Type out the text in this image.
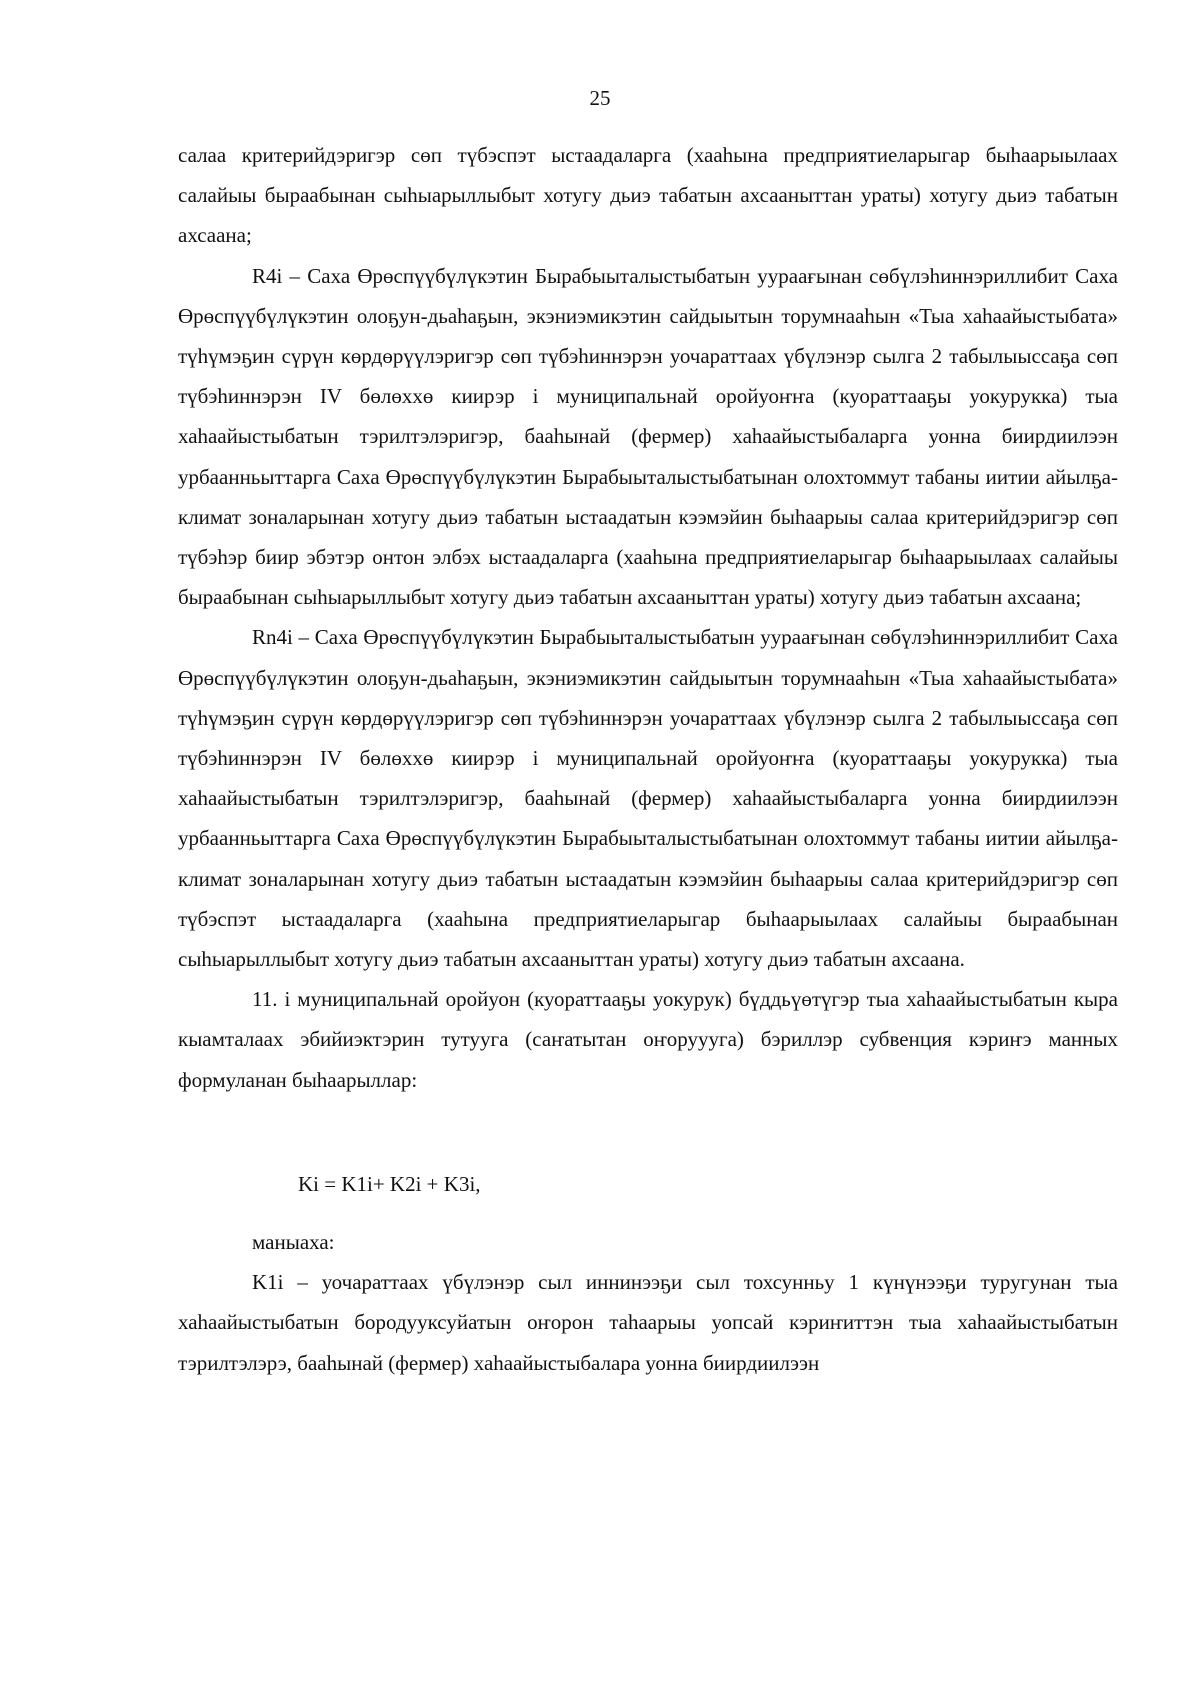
25

салаа критерийдэригэр сөп түбэспэт ыстаадаларга (хааһына предприятиеларыгар быһаарыылаах салайыы быраабынан сыһыарыллыбыт хотугу дьиэ табатын ахсааныттан ураты) хотугу дьиэ табатын ахсаана;

R4i – Саха Өрөспүүбүлүкэтин Бырабыыталыстыбатын уураағынан сөбүлэһиннэриллибит Саха Өрөспүүбүлүкэтин олоҕун-дьаһаҕын, экэниэмикэтин сайдыытын торумнааһын «Тыа хаһаайыстыбата» түһүмэҕин сүрүн көрдөрүүлэригэр сөп түбэһиннэрэн уочараттаах үбүлэнэр сылга 2 табылыыссаҕа сөп түбэһиннэрэн IV бөлөххө киирэр i муниципальнай оройуоҥҥа (куораттааҕы уокурукка) тыа хаһаайыстыбатын тэрилтэлэригэр, бааһынай (фермер) хаһаайыстыбаларга уонна биирдиилээн урбаанньыттарга Саха Өрөспүүбүлүкэтин Бырабыыталыстыбатынан олохтоммут табаны иитии айылҕа-климат зоналарынан хотугу дьиэ табатын ыстаадатын кээмэйин быһаарыы салаа критерийдэригэр сөп түбэһэр биир эбэтэр онтон элбэх ыстаадаларга (хааһына предприятиеларыгар быһаарыылаах салайыы быраабынан сыһыарыллыбыт хотугу дьиэ табатын ахсааныттан ураты) хотугу дьиэ табатын ахсаана;

Rn4i – Саха Өрөспүүбүлүкэтин Бырабыыталыстыбатын уураағынан сөбүлэһиннэриллибит Саха Өрөспүүбүлүкэтин олоҕун-дьаһаҕын, экэниэмикэтин сайдыытын торумнааһын «Тыа хаһаайыстыбата» түһүмэҕин сүрүн көрдөрүүлэригэр сөп түбэһиннэрэн уочараттаах үбүлэнэр сылга 2 табылыыссаҕа сөп түбэһиннэрэн IV бөлөххө киирэр i муниципальнай оройуоҥҥа (куораттааҕы уокурукка) тыа хаһаайыстыбатын тэрилтэлэригэр, бааһынай (фермер) хаһаайыстыбаларга уонна биирдиилээн урбаанньыттарга Саха Өрөспүүбүлүкэтин Бырабыыталыстыбатынан олохтоммут табаны иитии айылҕа-климат зоналарынан хотугу дьиэ табатын ыстаадатын кээмэйин быһаарыы салаа критерийдэригэр сөп түбэспэт ыстаадаларга (хааһына предприятиеларыгар быһаарыылаах салайыы быраабынан сыһыарыллыбыт хотугу дьиэ табатын ахсааныттан ураты) хотугу дьиэ табатын ахсаана.

11. i муниципальнай оройуон (куораттааҕы уокурук) бүддьүөтүгэр тыа хаһаайыстыбатын кыра кыамталаах эбийиэктэрин тутууга (саҥатытан оҥоруууга) бэриллэр субвенция кэриҥэ манных формуланан быһаарыллар:

Ki = K1i+ K2i + K3i,

маныаха:

K1i – уочараттаах үбүлэнэр сыл иннинээҕи сыл тохсунньу 1 күнүнээҕи туругунан тыа хаһаайыстыбатын бородууксуйатын оҥорон таһаарыы уопсай кэриҥиттэн тыа хаһаайыстыбатын тэрилтэлэрэ, бааһынай (фермер) хаһаайыстыбалара уонна биирдиилээн
